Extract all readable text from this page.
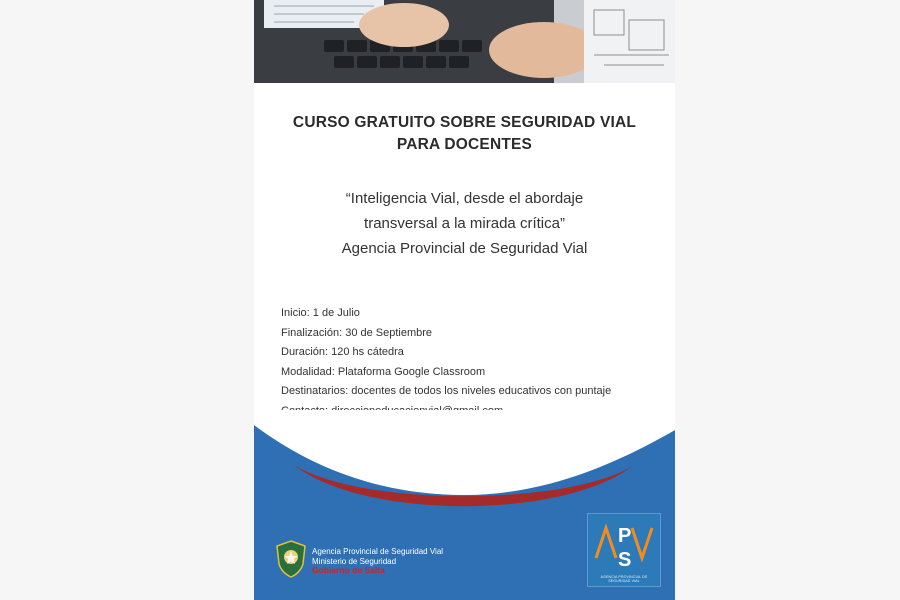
CURSO GRATUITO SOBRE SEGURIDAD VIAL
PARA DOCENTES
“Inteligencia Vial, desde el abordaje
transversal a la mirada crítica”
Agencia Provincial de Seguridad Vial
Inicio: 1 de Julio
Finalización: 30 de Septiembre
Duración: 120 hs cátedra
Modalidad: Plataforma Google Classroom
Destinatarios: docentes de todos los niveles educativos con puntaje
Agencia Provincial de Seguridad Vial
Ministerio de Seguridad
Gobierno de Salta
P
S
AGENCIA PROVINCIAL DE SEGURIDAD VIAL
